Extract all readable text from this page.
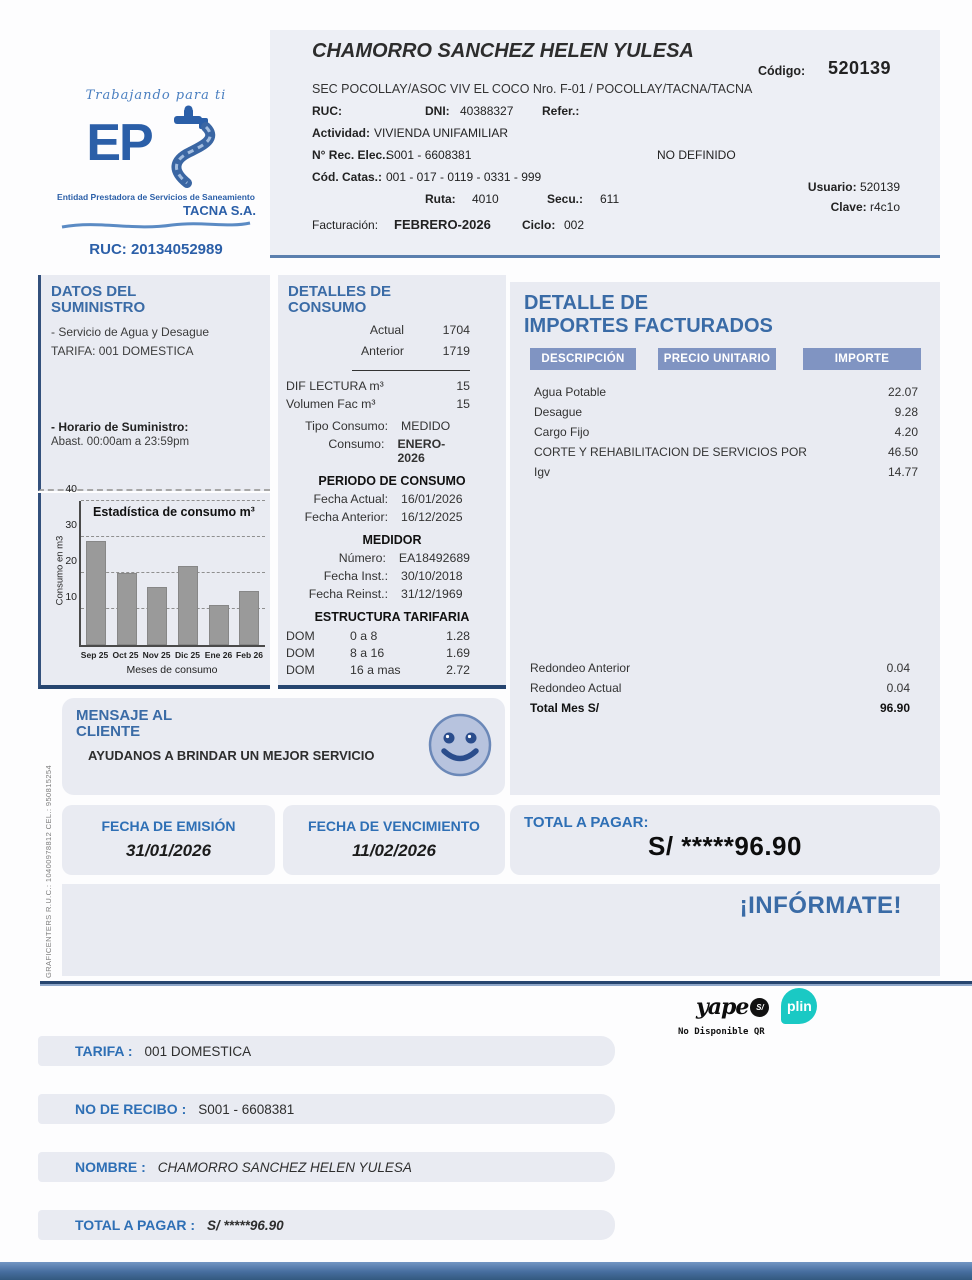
GRAFICENTERS R.U.C.: 10400978812 CEL.: 950815254
Trabajando para ti
EP
Entidad Prestadora de Servicios de Saneamiento
TACNA S.A.
RUC: 20134052989
CHAMORRO SANCHEZ HELEN YULESA
Código: 520139
SEC POCOLLAY/ASOC VIV EL COCO Nro. F-01 / POCOLLAY/TACNA/TACNA
RUC:	DNI: 40388327 Refer.:
Actividad: VIVIENDA UNIFAMILIAR
N° Rec. Elec.:
S001 - 6608381	NO DEFINIDO
Cód. Catas.: 001 - 017 - 0119 - 0331 - 999
Ruta: 4010	Secu.: 611
Usuario: 520139
Clave: r4c1o
Facturación: FEBRERO-2026	Ciclo: 002
DATOS DEL
SUMINISTRO
- Servicio de Agua y Desague
TARIFA: 001 DOMESTICA
- Horario de Suministro:
Abast. 00:00am a 23:59pm
Consumo en m3
Estadística de consumo m³
10
20
30
40
Sep 25 Oct 25 Nov 25 Dic 25 Ene 26 Feb 26
Meses de consumo
DETALLES DE
CONSUMO
Actual	1704
Anterior	1719
DIF LECTURA m³	15
Volumen Fac m³	15
Tipo Consumo: MEDIDO
Consumo: ENERO-2026
PERIODO DE CONSUMO
Fecha Actual: 16/01/2026
Fecha Anterior: 16/12/2025
MEDIDOR
Número: EA18492689
Fecha Inst.: 30/10/2018
Fecha Reinst.: 31/12/1969
ESTRUCTURA TARIFARIA
DOM	0 a 8	1.28
DOM	8 a 16	1.69
DOM	16 a mas	2.72
DETALLE DE
IMPORTES FACTURADOS
DESCRIPCIÓN	PRECIO UNITARIO	IMPORTE
Agua Potable	22.07
Desague	9.28
Cargo Fijo	4.20
CORTE Y REHABILITACION DE SERVICIOS POR	46.50
Igv	14.77
Redondeo Anterior	0.04
Redondeo Actual	0.04
Total Mes S/	96.90
MENSAJE AL
CLIENTE
AYUDANOS A BRINDAR UN MEJOR SERVICIO
FECHA DE EMISIÓN
31/01/2026
FECHA DE VENCIMIENTO
11/02/2026
TOTAL A PAGAR:
S/ *****96.90
¡INFÓRMATE!
yape S/	plin
No Disponible QR
TARIFA : 001 DOMESTICA
NO DE RECIBO : S001 - 6608381
NOMBRE : CHAMORRO SANCHEZ HELEN YULESA
TOTAL A PAGAR : S/ *****96.90
